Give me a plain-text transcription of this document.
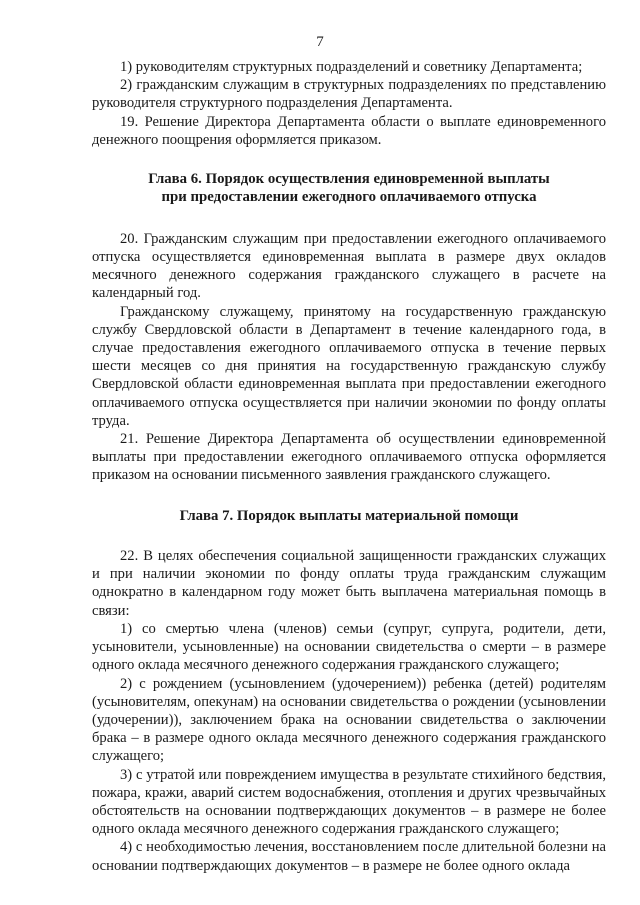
7

1) руководителям структурных подразделений и советнику Департамента;

2) гражданским служащим в структурных подразделениях по представлению руководителя структурного подразделения Департамента.

19. Решение Директора Департамента области о выплате единовременного денежного поощрения оформляется приказом.

Глава 6. Порядок осуществления единовременной выплаты
при предоставлении ежегодного оплачиваемого отпуска

20. Гражданским служащим при предоставлении ежегодного оплачиваемого отпуска осуществляется единовременная выплата в размере двух окладов месячного денежного содержания гражданского служащего в расчете на календарный год.

Гражданскому служащему, принятому на государственную гражданскую службу Свердловской области в Департамент в течение календарного года, в случае предоставления ежегодного оплачиваемого отпуска в течение первых шести месяцев со дня принятия на государственную гражданскую службу Свердловской области единовременная выплата при предоставлении ежегодного оплачиваемого отпуска осуществляется при наличии экономии по фонду оплаты труда.

21. Решение Директора Департамента об осуществлении единовременной выплаты при предоставлении ежегодного оплачиваемого отпуска оформляется приказом на основании письменного заявления гражданского служащего.

Глава 7. Порядок выплаты материальной помощи

22. В целях обеспечения социальной защищенности гражданских служащих и при наличии экономии по фонду оплаты труда гражданским служащим однократно в календарном году может быть выплачена материальная помощь в связи:

1) со смертью члена (членов) семьи (супруг, супруга, родители, дети, усыновители, усыновленные) на основании свидетельства о смерти – в размере одного оклада месячного денежного содержания гражданского служащего;

2) с рождением (усыновлением (удочерением)) ребенка (детей) родителям (усыновителям, опекунам) на основании свидетельства о рождении (усыновлении (удочерении)), заключением брака на основании свидетельства о заключении брака – в размере одного оклада месячного денежного содержания гражданского служащего;

3) с утратой или повреждением имущества в результате стихийного бедствия, пожара, кражи, аварий систем водоснабжения, отопления и других чрезвычайных обстоятельств на основании подтверждающих документов – в размере не более одного оклада месячного денежного содержания гражданского служащего;

4) с необходимостью лечения, восстановлением после длительной болезни на основании подтверждающих документов – в размере не более одного оклада
